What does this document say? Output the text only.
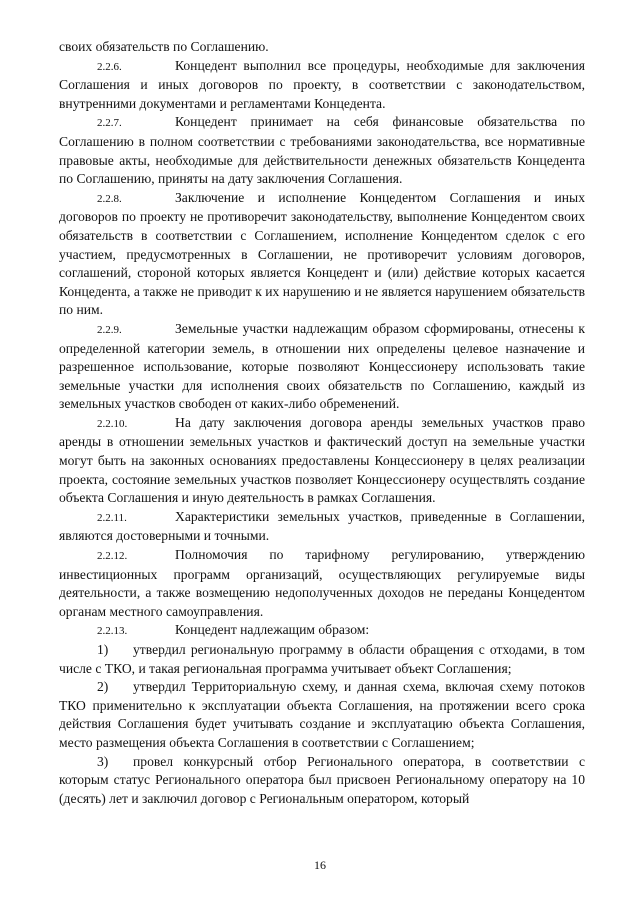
своих обязательств по Соглашению.

2.2.6.	Концедент выполнил все процедуры, необходимые для заключения Соглашения и иных договоров по проекту, в соответствии с законодательством, внутренними документами и регламентами Концедента.

2.2.7.	Концедент принимает на себя финансовые обязательства по Соглашению в полном соответствии с требованиями законодательства, все нормативные правовые акты, необходимые для действительности денежных обязательств Концедента по Соглашению, приняты на дату заключения Соглашения.

2.2.8.	Заключение и исполнение Концедентом Соглашения и иных договоров по проекту не противоречит законодательству, выполнение Концедентом своих обязательств в соответствии с Соглашением, исполнение Концедентом сделок с его участием, предусмотренных в Соглашении, не противоречит условиям договоров, соглашений, стороной которых является Концедент и (или) действие которых касается Концедента, а также не приводит к их нарушению и не является нарушением обязательств по ним.

2.2.9.	Земельные участки надлежащим образом сформированы, отнесены к определенной категории земель, в отношении них определены целевое назначение и разрешенное использование, которые позволяют Концессионеру использовать такие земельные участки для исполнения своих обязательств по Соглашению, каждый из земельных участков свободен от каких-либо обременений.

2.2.10.	На дату заключения договора аренды земельных участков право аренды в отношении земельных участков и фактический доступ на земельные участки могут быть на законных основаниях предоставлены Концессионеру в целях реализации проекта, состояние земельных участков позволяет Концессионеру осуществлять создание объекта Соглашения и иную деятельность в рамках Соглашения.

2.2.11.	Характеристики земельных участков, приведенные в Соглашении, являются достоверными и точными.

2.2.12.	Полномочия по тарифному регулированию, утверждению инвестиционных программ организаций, осуществляющих регулируемые виды деятельности, а также возмещению недополученных доходов не переданы Концедентом органам местного самоуправления.

2.2.13.	Концедент надлежащим образом:

1) утвердил региональную программу в области обращения с отходами, в том числе с ТКО, и такая региональная программа учитывает объект Соглашения;

2) утвердил Территориальную схему, и данная схема, включая схему потоков ТКО применительно к эксплуатации объекта Соглашения, на протяжении всего срока действия Соглашения будет учитывать создание и эксплуатацию объекта Соглашения, место размещения объекта Соглашения в соответствии с Соглашением;

3) провел конкурсный отбор Регионального оператора, в соответствии с которым статус Регионального оператора был присвоен Региональному оператору на 10 (десять) лет и заключил договор с Региональным оператором, который

16
